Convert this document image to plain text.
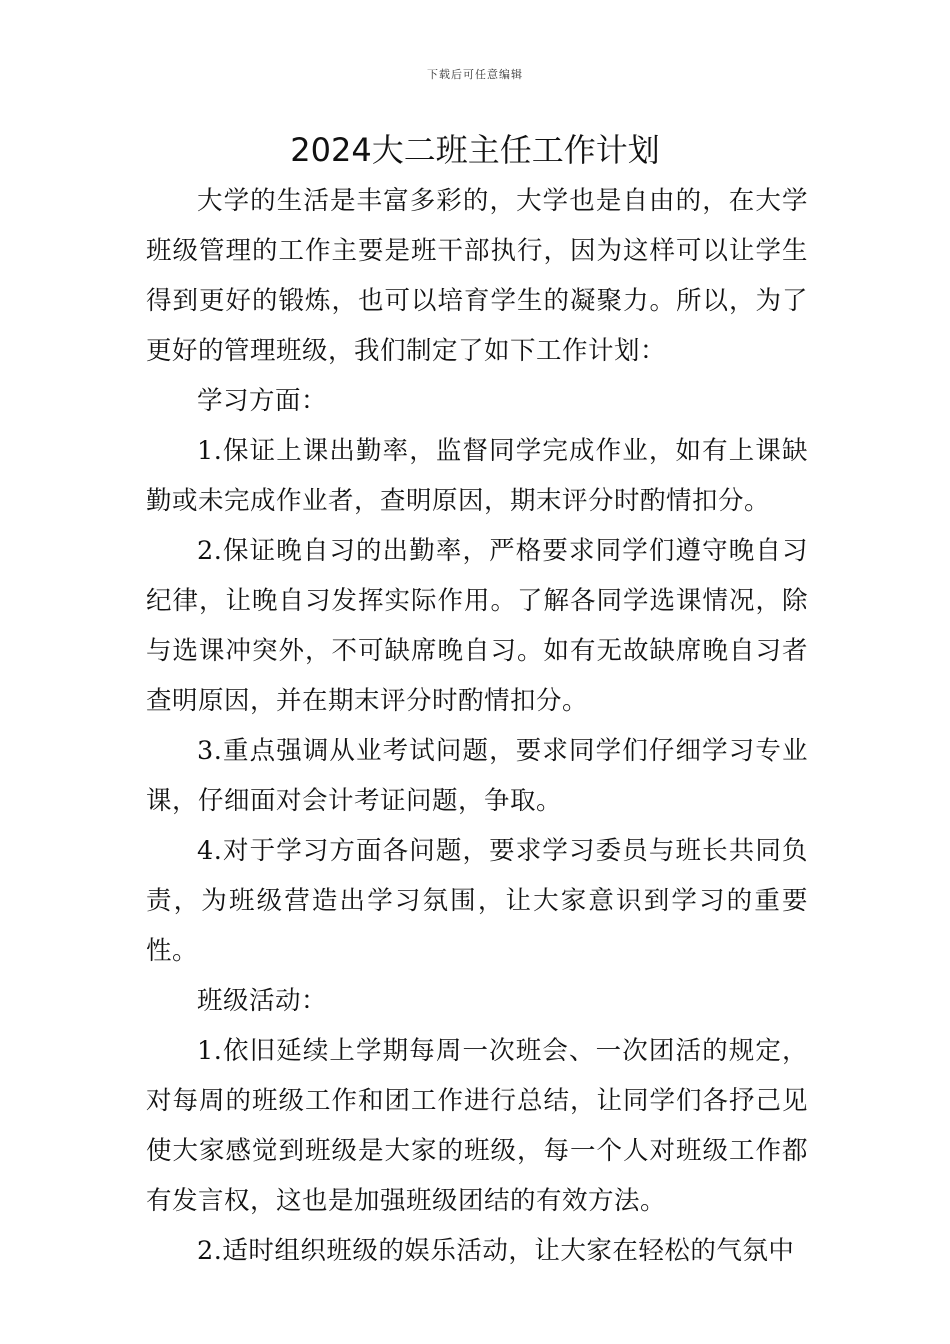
下载后可任意编辑
2024大二班主任工作计划

大学的生活是丰富多彩的，大学也是自由的，在大学班级管理的工作主要是班干部执行，因为这样可以让学生得到更好的锻炼，也可以培育学生的凝聚力。所以，为了更好的管理班级，我们制定了如下工作计划：

学习方面：

1.保证上课出勤率，监督同学完成作业，如有上课缺勤或未完成作业者，查明原因，期末评分时酌情扣分。

2.保证晚自习的出勤率，严格要求同学们遵守晚自习纪律，让晚自习发挥实际作用。了解各同学选课情况，除与选课冲突外，不可缺席晚自习。如有无故缺席晚自习者查明原因，并在期末评分时酌情扣分。

3.重点强调从业考试问题，要求同学们仔细学习专业课，仔细面对会计考证问题，争取。

4.对于学习方面各问题，要求学习委员与班长共同负责，为班级营造出学习氛围，让大家意识到学习的重要性。

班级活动：

1.依旧延续上学期每周一次班会、一次团活的规定，对每周的班级工作和团工作进行总结，让同学们各抒己见使大家感觉到班级是大家的班级，每一个人对班级工作都有发言权，这也是加强班级团结的有效方法。

2.适时组织班级的娱乐活动，让大家在轻松的气氛中
